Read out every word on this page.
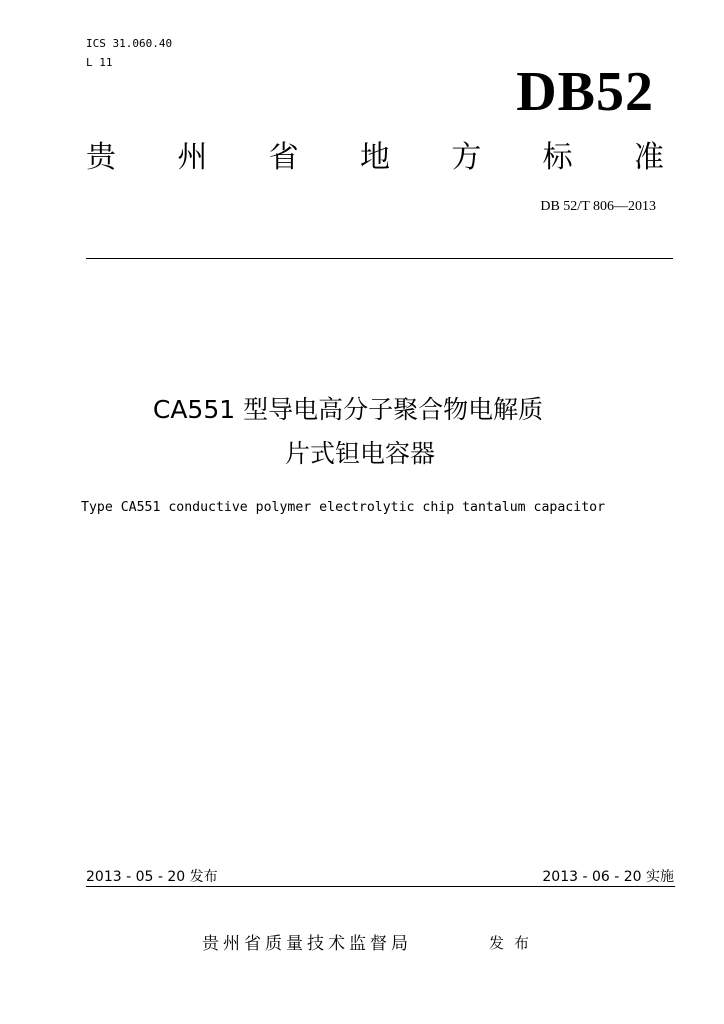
ICS 31.060.40
L 11	DB52
贵 州 省 地 方 标 准
DB 52/T 806—2013
CA551 型导电高分子聚合物电解质
片式钽电容器
Type CA551 conductive polymer electrolytic chip tantalum capacitor
2013 - 05 - 20 发布	2013 - 06 - 20 实施
贵州省质量技术监督局	发布
